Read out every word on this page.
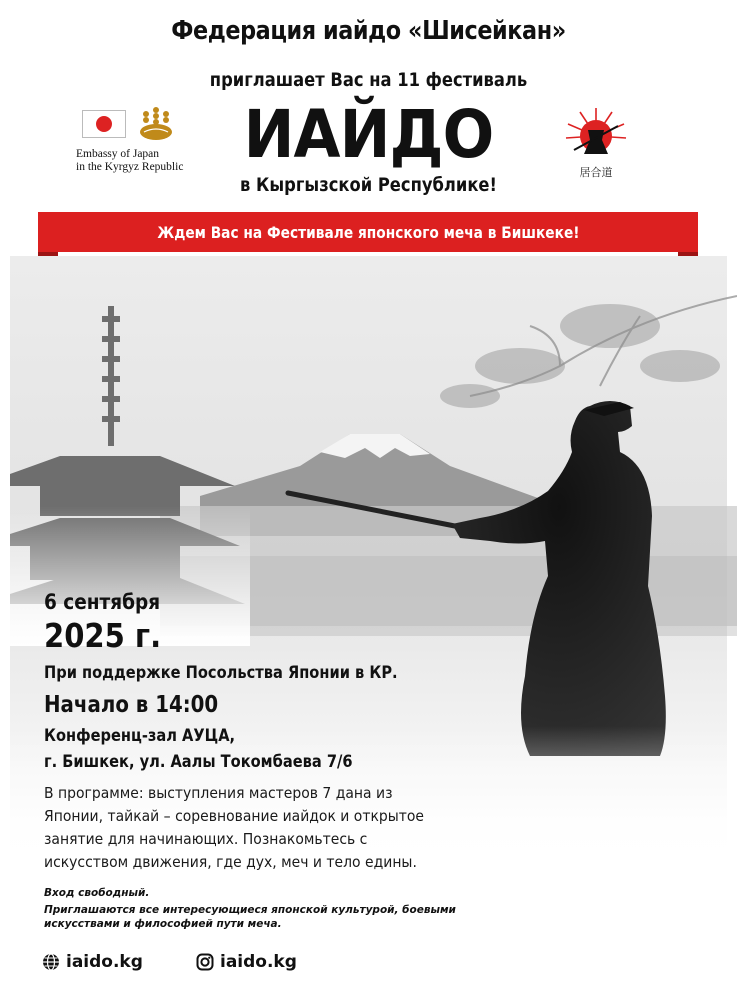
Федерация иайдо «Шисейкан»
приглашает Вас на 11 фестиваль
ИАЙДО
в Кыргызской Республике!
Embassy of Japan
in the Kyrgyz Republic	居合道
Ждем Вас на Фестивале японского меча в Бишкеке!
6 сентября
2025 г.
При поддержке Посольства Японии в КР.
Начало в 14:00
Конференц-зал АУЦА,
г. Бишкек, ул. Аалы Токомбаева 7/6
В программе: выступления мастеров 7 дана из
Японии, тайкай – соревнование иайдок и открытое
занятие для начинающих. Познакомьтесь с
искусством движения, где дух, меч и тело едины.
Вход свободный.
Приглашаются все интересующиеся японской культурой, боевыми
искусствами и философией пути меча.
iaido.kg	iaido.kg
